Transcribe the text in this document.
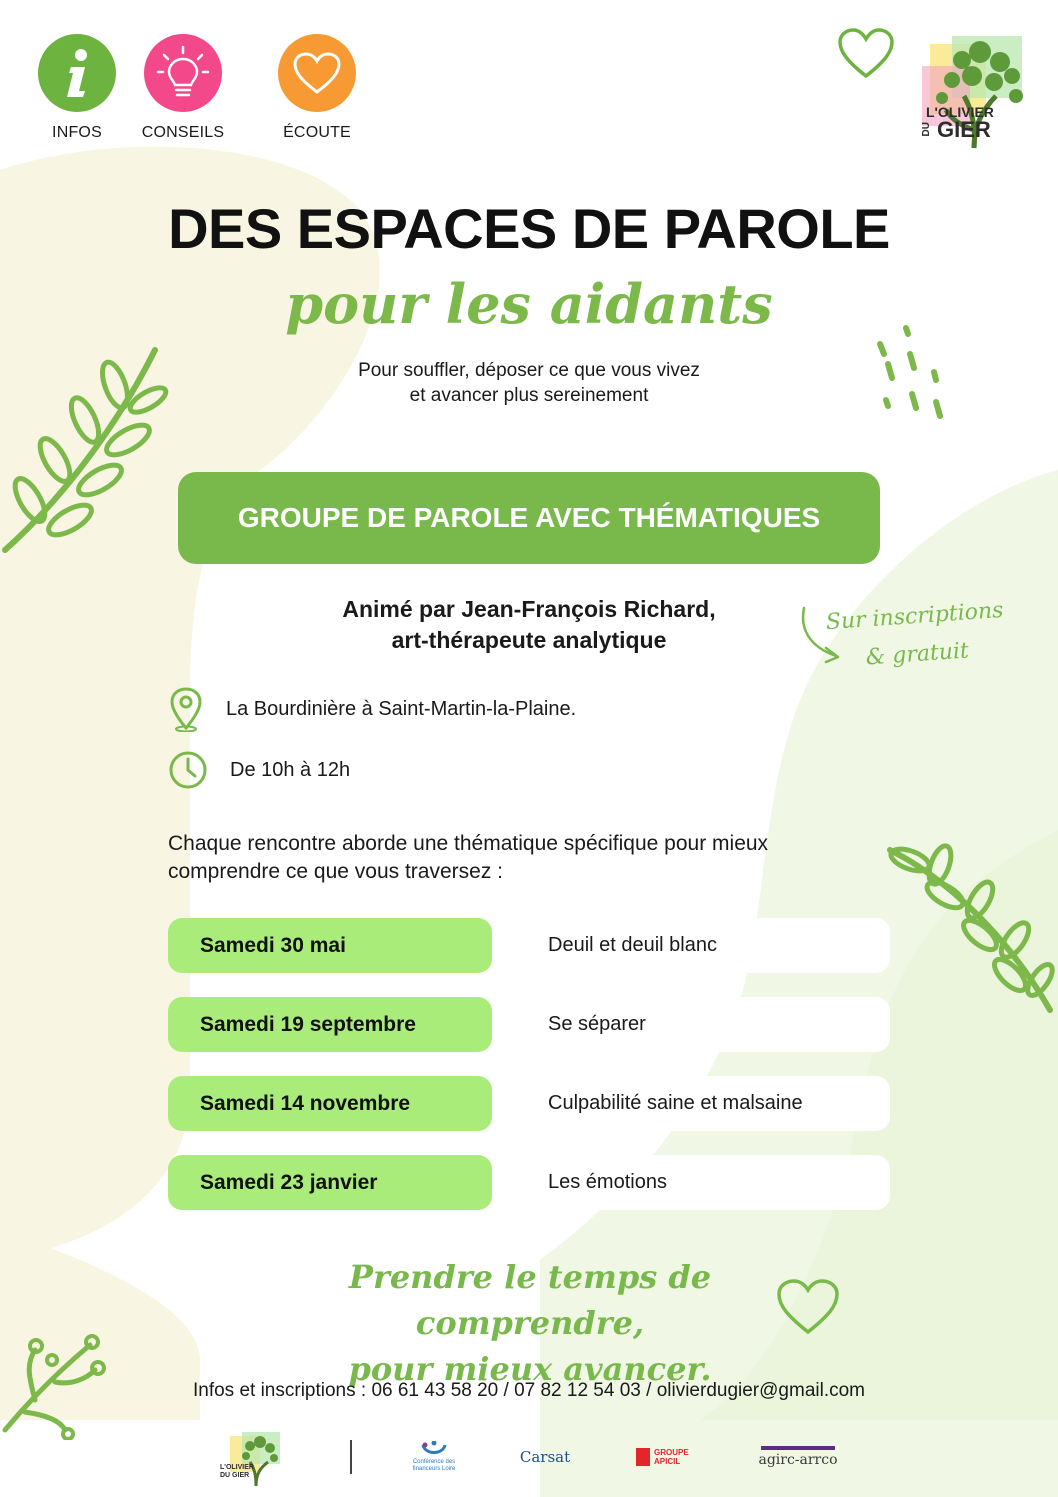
INFOS CONSEILS	ÉCOUTE
L'OLIVIER
DU GIER
DES ESPACES DE PAROLE
pour les aidants
Pour souffler, déposer ce que vous vivez
et avancer plus sereinement
GROUPE DE PAROLE AVEC THÉMATIQUES
Animé par Jean-François Richard,
art-thérapeute analytique
Sur inscriptions
& gratuit
La Bourdinière à Saint-Martin-la-Plaine.
De 10h à 12h
Chaque rencontre aborde une thématique spécifique pour mieux comprendre ce que vous traversez :
Samedi 30 mai	Deuil et deuil blanc
Samedi 19 septembre	Se séparer
Samedi 14 novembre	Culpabilité saine et malsaine
Samedi 23 janvier	Les émotions
Prendre le temps de comprendre,
pour mieux avancer.
Infos et inscriptions : 06 61 43 58 20 / 07 82 12 54 03 / olivierdugier@gmail.com
L'OLIVIER DU GIER
Conférence des financeurs Loire
Carsat	GROUPE APICIL	agirc-arrco
